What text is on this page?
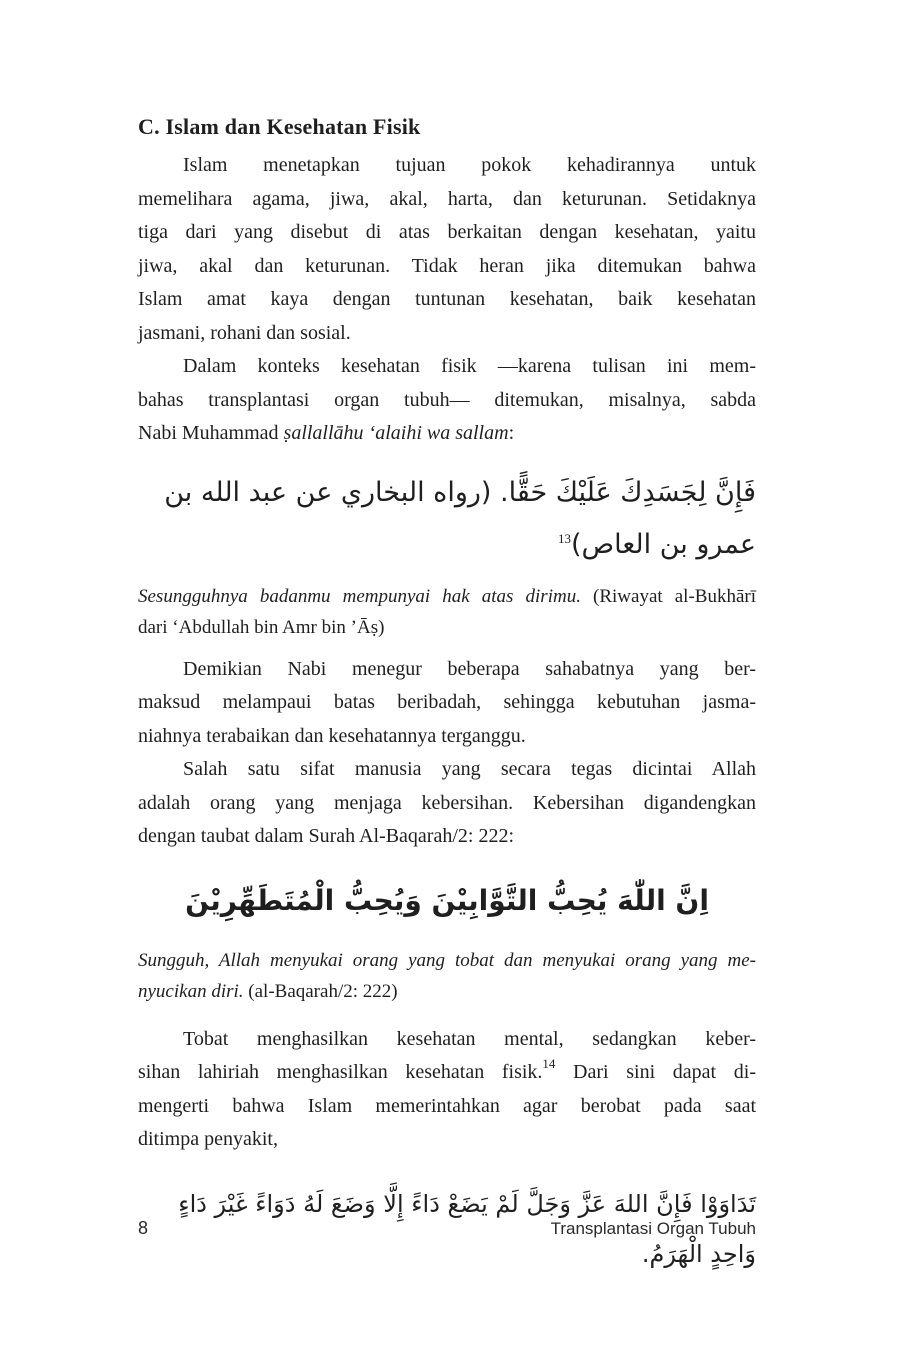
C. Islam dan Kesehatan Fisik
Islam menetapkan tujuan pokok kehadirannya untuk
memelihara agama, jiwa, akal, harta, dan keturunan. Setidaknya
tiga dari yang disebut di atas berkaitan dengan kesehatan, yaitu
jiwa, akal dan keturunan. Tidak heran jika ditemukan bahwa
Islam amat kaya dengan tuntunan kesehatan, baik kesehatan
jasmani, rohani dan sosial.
Dalam konteks kesehatan fisik —karena tulisan ini mem-
bahas transplantasi organ tubuh— ditemukan, misalnya, sabda
Nabi Muhammad ṣallallāhu ‘alaihi wa sallam:
فَإِنَّ لِجَسَدِكَ عَلَيْكَ حَقًّا. (رواه البخاري عن عبد الله بن عمرو بن العاص)$^{13}$
Sesungguhnya badanmu mempunyai hak atas dirimu. (Riwayat al-Bukhārī
dari ‘Abdullah bin Amr bin ’Āṣ)
Demikian Nabi menegur beberapa sahabatnya yang ber-
maksud melampaui batas beribadah, sehingga kebutuhan jasma-
niahnya terabaikan dan kesehatannya terganggu.
Salah satu sifat manusia yang secara tegas dicintai Allah
adalah orang yang menjaga kebersihan. Kebersihan digandengkan
dengan taubat dalam Surah Al-Baqarah/2: 222:
اِنَّ اللّٰهَ يُحِبُّ التَّوَّابِيْنَ وَيُحِبُّ الْمُتَطَهِّرِيْنَ
Sungguh, Allah menyukai orang yang tobat dan menyukai orang yang me-
nyucikan diri. (al-Baqarah/2: 222)
Tobat menghasilkan kesehatan mental, sedangkan keber-
sihan lahiriah menghasilkan kesehatan fisik.$^{14}$ Dari sini dapat di-
mengerti bahwa Islam memerintahkan agar berobat pada saat
ditimpa penyakit,
تَدَاوَوْا فَإِنَّ اللهَ عَزَّ وَجَلَّ لَمْ يَضَعْ دَاءً إِلَّا وَضَعَ لَهُ دَوَاءً غَيْرَ دَاءٍ وَاحِدٍ الْهَرَمُ.
8	Transplantasi Organ Tubuh
